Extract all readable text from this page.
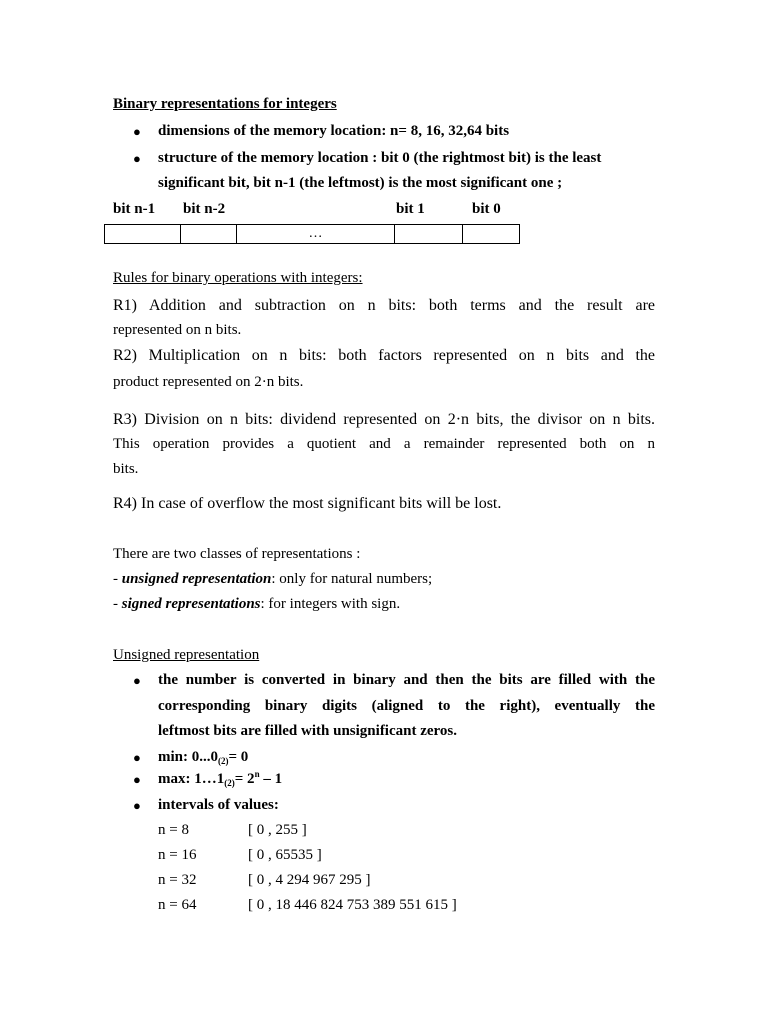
Binary representations for integers
● dimensions of the memory location: n= 8, 16, 32,64 bits
● structure of the memory location : bit 0 (the rightmost bit) is the least
significant bit, bit n-1 (the leftmost) is the most significant one ;
bit n-1 bit n-2	bit 1	bit 0
		…		
Rules for binary operations with integers:
R1) Addition and subtraction on n bits: both terms and the result are
represented on n bits.
R2) Multiplication on n bits: both factors represented on n bits and the
product represented on 2·n bits.
R3) Division on n bits: dividend represented on 2·n bits, the divisor on n bits.
This operation provides a quotient and a remainder represented both on n
bits.
R4) In case of overflow the most significant bits will be lost.
There are two classes of representations :
- unsigned representation: only for natural numbers;
- signed representations: for integers with sign.
Unsigned representation
● the number is converted in binary and then the bits are filled with the
corresponding binary digits (aligned to the right), eventually the
leftmost bits are filled with unsignificant zeros.
● min: $0...0_{(2)}= 0$
● max: $1\dots 1_{(2)}= 2^n - 1$
● intervals of values:
n = 8	[ 0 , 255 ]
n = 16	[ 0 , 65535 ]
n = 32	[ 0 , 4 294 967 295 ]
n = 64	[ 0 , 18 446 824 753 389 551 615 ]
